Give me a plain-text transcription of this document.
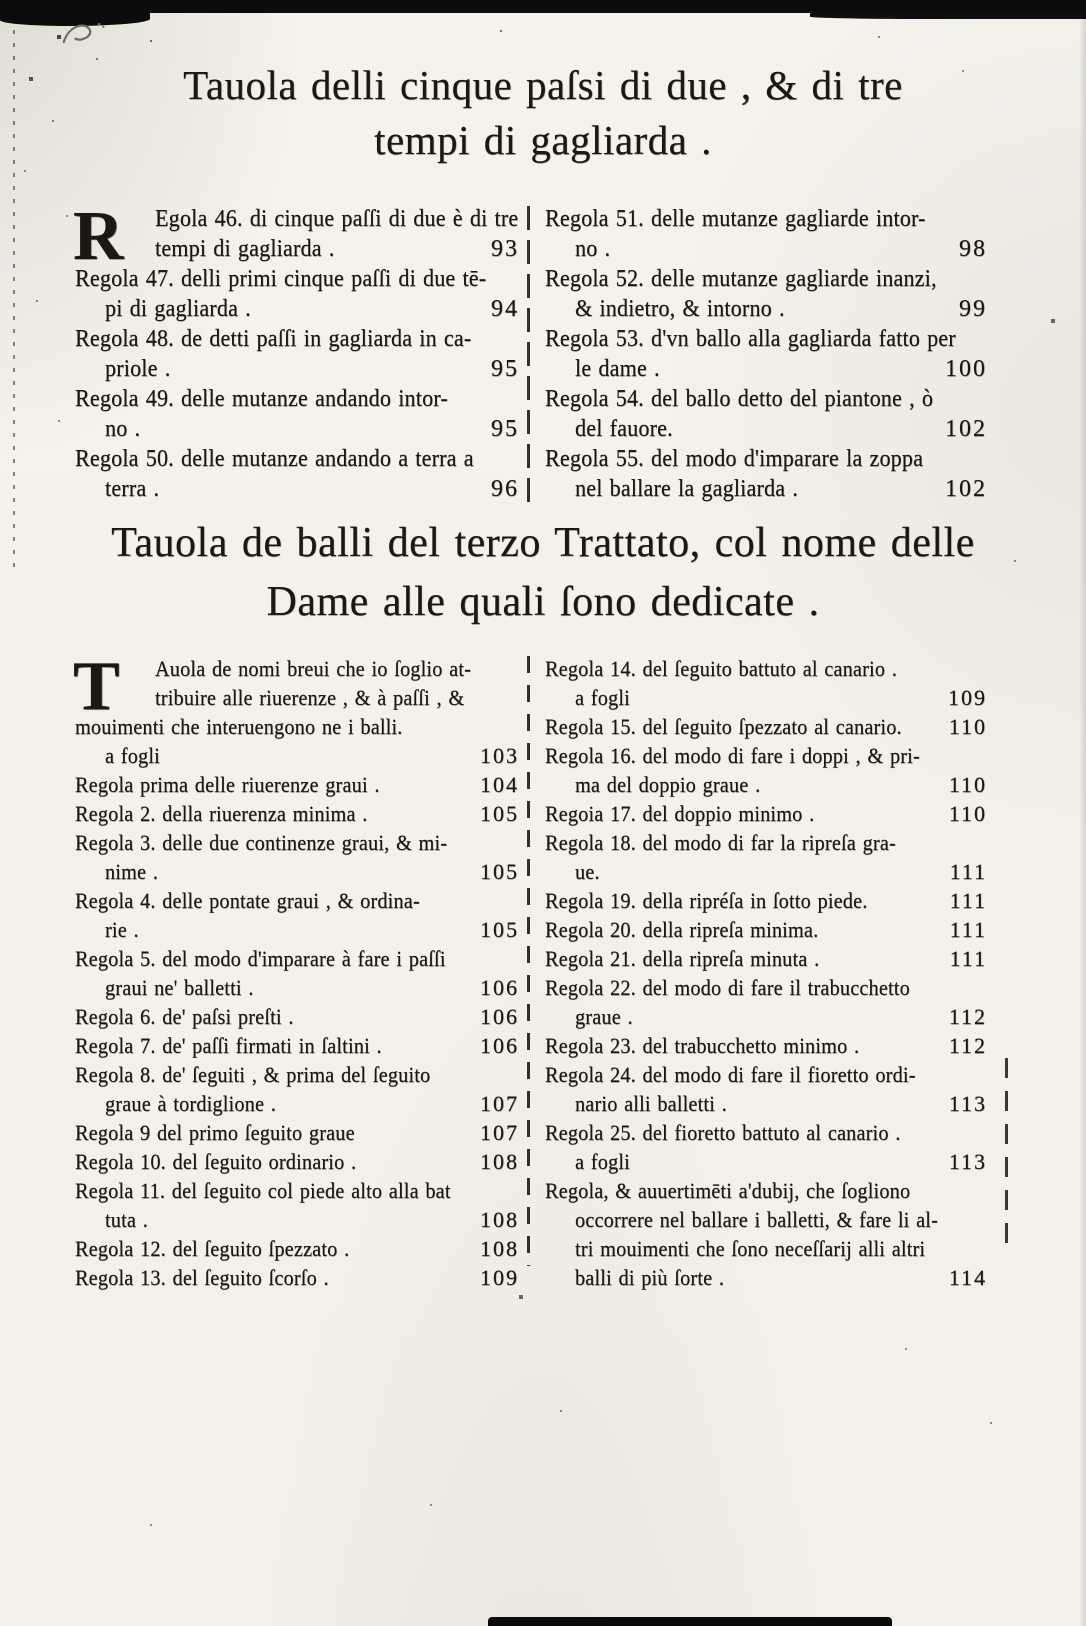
Tauola delli cinque paſsi di due , & di tre
tempi di gagliarda .
R Egola 46. di cinque paſſi di due è di tre
tempi di gagliarda .	93
Regola 47. delli primi cinque paſſi di due tē-
pi di gagliarda .	94
Regola 48. de detti paſſi in gagliarda in ca-
priole .	95
Regola 49. delle mutanze andando intor-
no .	95
Regola 50. delle mutanze andando a terra a
terra .	96
Regola 51. delle mutanze gagliarde intor-
no .	98
Regola 52. delle mutanze gagliarde inanzi,
& indietro, & intorno .	99
Regola 53. d'vn ballo alla gagliarda fatto per
le dame .	100
Regola 54. del ballo detto del piantone , ò
del fauore.	102
Regola 55. del modo d'imparare la zoppa
nel ballare la gagliarda .	102
Tauola de balli del terzo Trattato, col nome delle
Dame alle quali ſono dedicate .
T Auola de nomi breui che io ſoglio at-
tribuire alle riuerenze , & à paſſi , &
mouimenti che interuengono ne i balli.
a fogli	103
Regola prima delle riuerenze graui .	104
Regola 2. della riuerenza minima .	105
Regola 3. delle due continenze graui, & mi-
nime .	105
Regola 4. delle pontate graui , & ordina-
rie .	105
Regola 5. del modo d'imparare à fare i paſſi
graui ne' balletti .	106
Regola 6. de' paſsi preſti .	106
Regola 7. de' paſſi firmati in ſaltini .	106
Regola 8. de' ſeguiti , & prima del ſeguito
graue à tordiglione .	107
Regola 9 del primo ſeguito graue	107
Regola 10. del ſeguito ordinario .	108
Regola 11. del ſeguito col piede alto alla bat
tuta .	108
Regola 12. del ſeguito ſpezzato .	108
Regola 13. del ſeguito ſcorſo .	109
Regola 14. del ſeguito battuto al canario .
a fogli	109
Regola 15. del ſeguito ſpezzato al canario.	110
Regola 16. del modo di fare i doppi , & pri-
ma del doppio graue .	110
Regoia 17. del doppio minimo .	110
Regola 18. del modo di far la ripreſa gra-
ue.	111
Regola 19. della ripréſa in ſotto piede.	111
Regola 20. della ripreſa minima.	111
Regola 21. della ripreſa minuta .	111
Regola 22. del modo di fare il trabucchetto
graue .	112
Regola 23. del trabucchetto minimo .	112
Regola 24. del modo di fare il fioretto ordi-
nario alli balletti .	113
Regola 25. del fioretto battuto al canario .
a fogli	113
Regola, & auuertimēti a'dubij, che ſogliono
occorrere nel ballare i balletti, & fare li al-
tri mouimenti che ſono neceſſarij alli altri
balli di più ſorte .	114
